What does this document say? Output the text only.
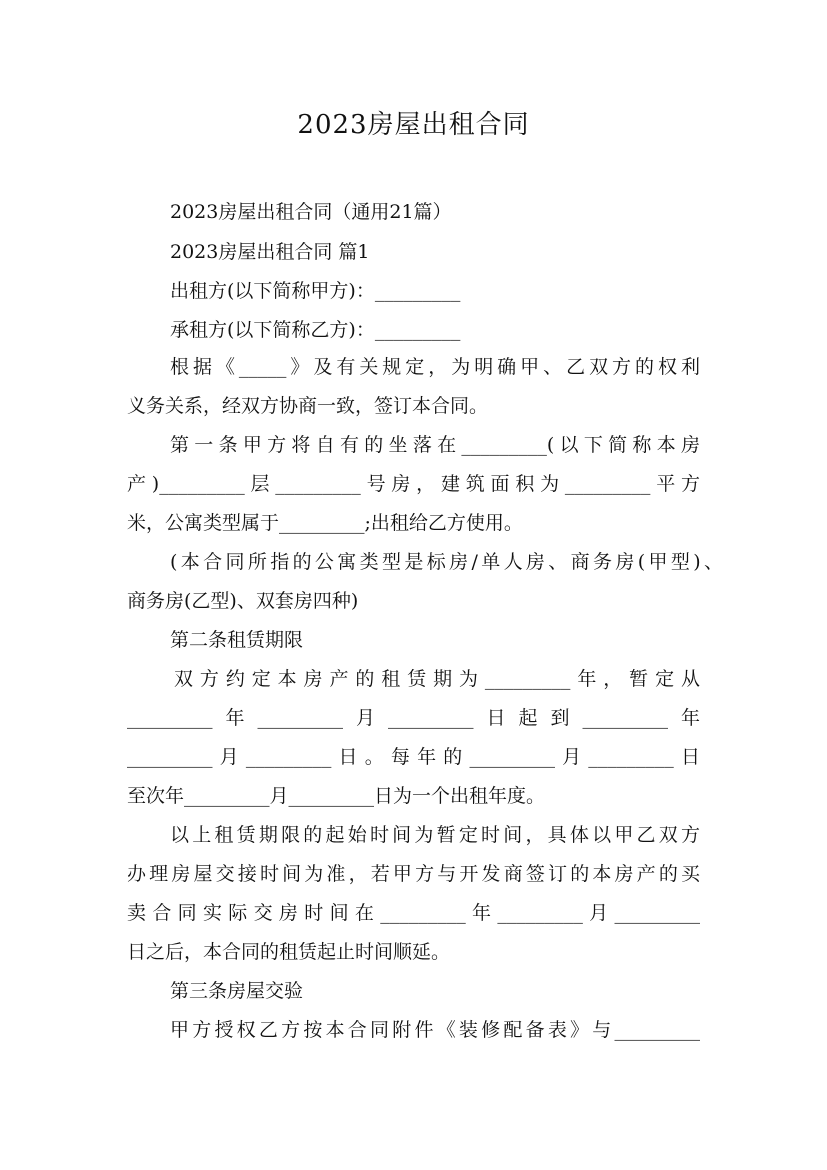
2023房屋出租合同
2023房屋出租合同（通用21篇）
2023房屋出租合同 篇1
出租方(以下简称甲方)：_________
承租方(以下简称乙方)：_________
根据《_____》及有关规定，为明确甲、乙双方的权利
义务关系，经双方协商一致，签订本合同。
第一条甲方将自有的坐落在_________(以下简称本房
产)_________层_________号房，建筑面积为_________平方
米，公寓类型属于_________;出租给乙方使用。
(本合同所指的公寓类型是标房/单人房、商务房(甲型)、
商务房(乙型)、双套房四种)
第二条租赁期限
双方约定本房产的租赁期为_________年，暂定从
_________年_________月_________日起到_________年
_________月_________日。每年的_________月_________日
至次年_________月_________日为一个出租年度。
以上租赁期限的起始时间为暂定时间，具体以甲乙双方
办理房屋交接时间为准，若甲方与开发商签订的本房产的买
卖合同实际交房时间在_________年_________月_________
日之后，本合同的租赁起止时间顺延。
第三条房屋交验
甲方授权乙方按本合同附件《装修配备表》与_________
